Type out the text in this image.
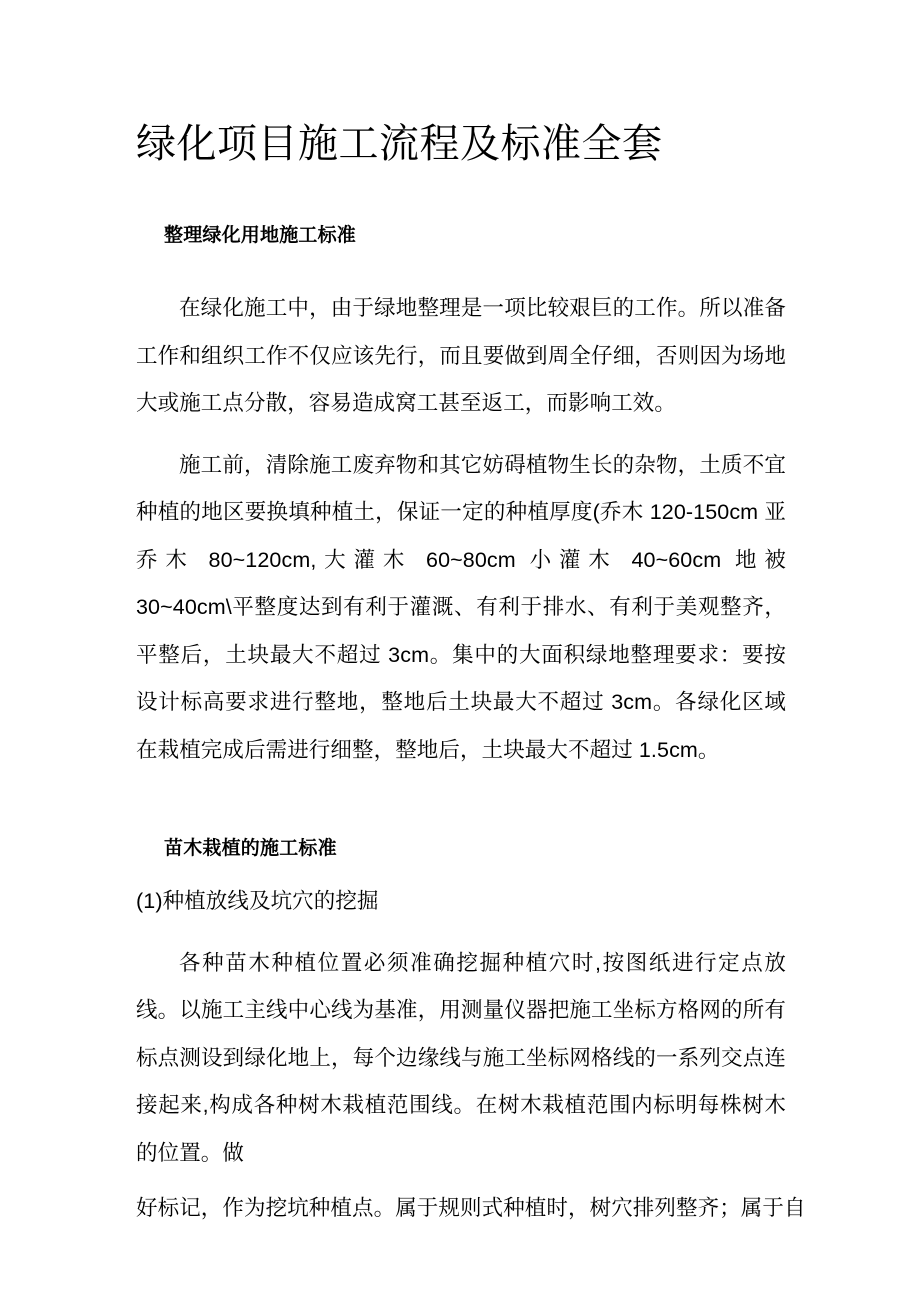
绿化项目施工流程及标准全套
整理绿化用地施工标准

在绿化施工中，由于绿地整理是一项比较艰巨的工作。所以准备工作和组织工作不仅应该先行，而且要做到周全仔细，否则因为场地大或施工点分散，容易造成窝工甚至返工，而影响工效。

施工前，清除施工废弃物和其它妨碍植物生长的杂物，土质不宜种植的地区要换填种植土，保证一定的种植厚度(乔木 120-150cm 亚乔木 80~120cm,大灌木 60~80cm 小灌木 40~60cm 地被 30~40cm\平整度达到有利于灌溉、有利于排水、有利于美观整齐，平整后，土块最大不超过 3cm。集中的大面积绿地整理要求：要按设计标高要求进行整地，整地后土块最大不超过 3cm。各绿化区域在栽植完成后需进行细整，整地后，土块最大不超过 1.5cm。

苗木栽植的施工标准

(1)种植放线及坑穴的挖掘

各种苗木种植位置必须准确挖掘种植穴时,按图纸进行定点放线。以施工主线中心线为基准，用测量仪器把施工坐标方格网的所有标点测设到绿化地上，每个边缘线与施工坐标网格线的一系列交点连接起来,构成各种树木栽植范围线。在树木栽植范围内标明每株树木的位置。做

好标记，作为挖坑种植点。属于规则式种植时，树穴排列整齐；属于自
